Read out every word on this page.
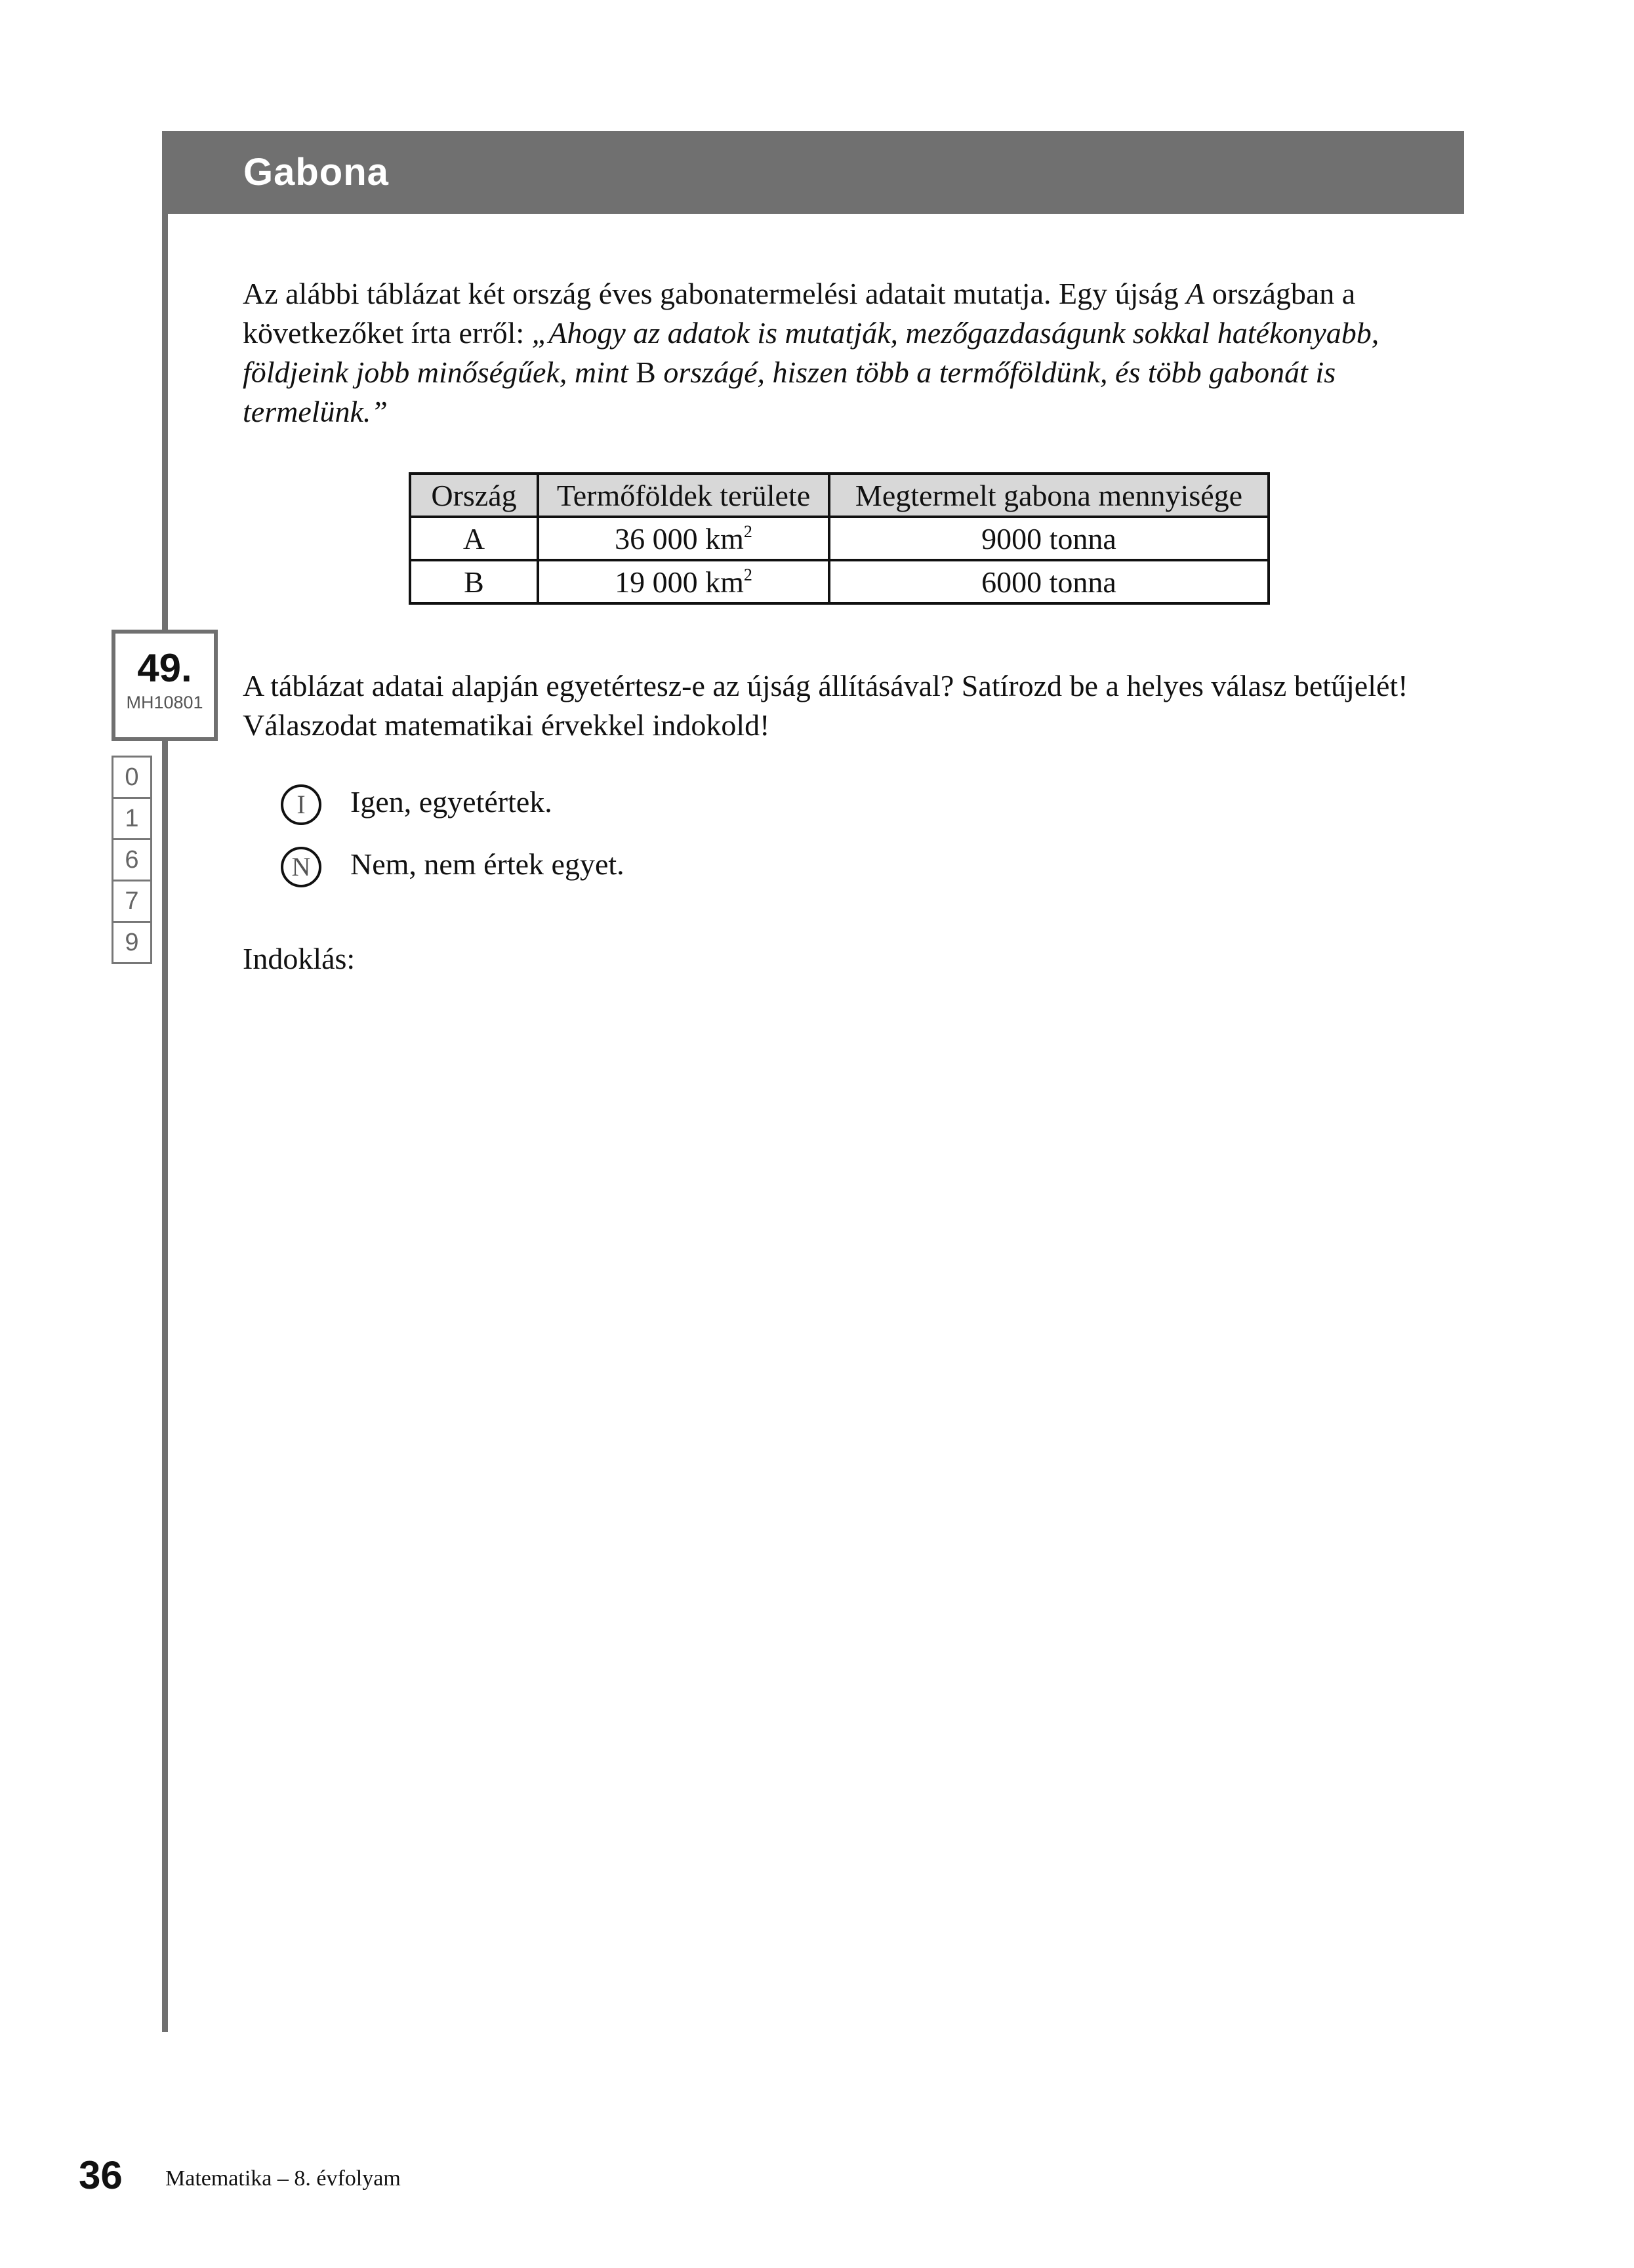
Gabona
Az alábbi táblázat két ország éves gabonatermelési adatait mutatja. Egy újság A országban a következőket írta erről: „Ahogy az adatok is mutatják, mezőgazdaságunk sokkal hatékonyabb, földjeink jobb minőségűek, mint B országé, hiszen több a termőföldünk, és több gabonát is termelünk.”
Ország	Termőföldek területe	Megtermelt gabona mennyisége
A	36 000 $km^2$	9000 tonna
B	19 000 $km^2$	6000 tonna
49.
MH10801
0
1
6
7
9
A táblázat adatai alapján egyetértesz-e az újság állításával? Satírozd be a helyes válasz betűjelét! Válaszodat matematikai érvekkel indokold!
I Igen, egyetértek.
N Nem, nem értek egyet.
Indoklás:
36 Matematika – 8. évfolyam
